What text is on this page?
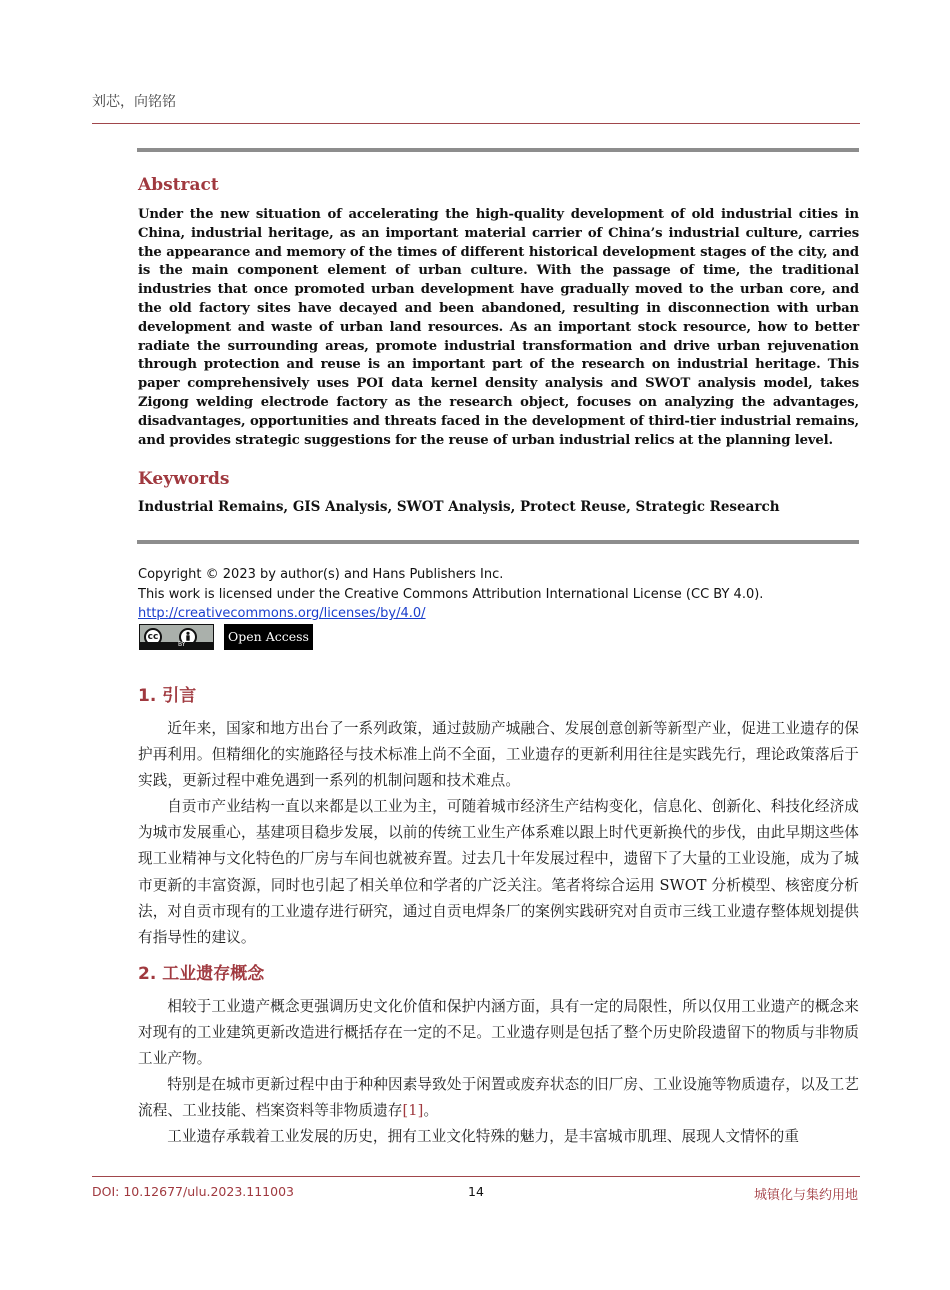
刘芯，向铭铭
Abstract
Under the new situation of accelerating the high-quality development of old industrial cities in China, industrial heritage, as an important material carrier of China’s industrial culture, carries the appearance and memory of the times of different historical development stages of the city, and is the main component element of urban culture. With the passage of time, the traditional industries that once promoted urban development have gradually moved to the urban core, and the old factory sites have decayed and been abandoned, resulting in disconnection with urban development and waste of urban land resources. As an important stock resource, how to better radiate the surrounding areas, promote industrial transformation and drive urban rejuvenation through protection and reuse is an important part of the research on industrial heritage. This paper comprehensively uses POI data kernel density analysis and SWOT analysis model, takes Zigong welding electrode factory as the research object, focuses on analyzing the advantages, disadvantages, opportunities and threats faced in the development of third-tier industrial remains, and provides strategic suggestions for the reuse of urban industrial relics at the planning level.
Keywords
Industrial Remains, GIS Analysis, SWOT Analysis, Protect Reuse, Strategic Research
Copyright © 2023 by author(s) and Hans Publishers Inc.
This work is licensed under the Creative Commons Attribution International License (CC BY 4.0).
http://creativecommons.org/licenses/by/4.0/
cc
BY
Open Access
1. 引言
近年来，国家和地方出台了一系列政策，通过鼓励产城融合、发展创意创新等新型产业，促进工业遗存的保护再利用。但精细化的实施路径与技术标准上尚不全面，工业遗存的更新利用往往是实践先行，理论政策落后于实践，更新过程中难免遇到一系列的机制问题和技术难点。
自贡市产业结构一直以来都是以工业为主，可随着城市经济生产结构变化，信息化、创新化、科技化经济成为城市发展重心，基建项目稳步发展，以前的传统工业生产体系难以跟上时代更新换代的步伐，由此早期这些体现工业精神与文化特色的厂房与车间也就被弃置。过去几十年发展过程中，遗留下了大量的工业设施，成为了城市更新的丰富资源，同时也引起了相关单位和学者的广泛关注。笔者将综合运用 SWOT 分析模型、核密度分析法，对自贡市现有的工业遗存进行研究，通过自贡电焊条厂的案例实践研究对自贡市三线工业遗存整体规划提供有指导性的建议。
2. 工业遗存概念
相较于工业遗产概念更强调历史文化价值和保护内涵方面，具有一定的局限性，所以仅用工业遗产的概念来对现有的工业建筑更新改造进行概括存在一定的不足。工业遗存则是包括了整个历史阶段遗留下的物质与非物质工业产物。
特别是在城市更新过程中由于种种因素导致处于闲置或废弃状态的旧厂房、工业设施等物质遗存，以及工艺流程、工业技能、档案资料等非物质遗存[1]。
工业遗存承载着工业发展的历史，拥有工业文化特殊的魅力，是丰富城市肌理、展现人文情怀的重
DOI: 10.12677/ulu.2023.111003	14	城镇化与集约用地
